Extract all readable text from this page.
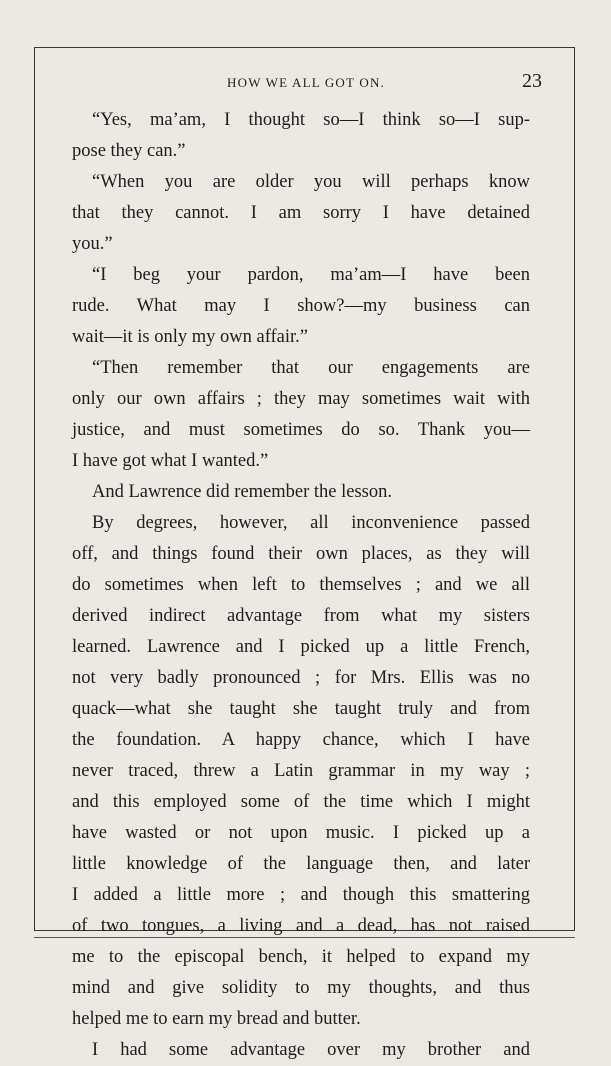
HOW WE ALL GOT ON.	23
“Yes, ma’am, I thought so—I think so—I sup-
pose they can.”
“When you are older you will perhaps know
that they cannot. I am sorry I have detained
you.”
“I beg your pardon, ma’am—I have been
rude. What may I show?—my business can
wait—it is only my own affair.”
“Then remember that our engagements are
only our own affairs ; they may sometimes wait with
justice, and must sometimes do so. Thank you—
I have got what I wanted.”
And Lawrence did remember the lesson.
By degrees, however, all inconvenience passed
off, and things found their own places, as they will
do sometimes when left to themselves ; and we all
derived indirect advantage from what my sisters
learned. Lawrence and I picked up a little French,
not very badly pronounced ; for Mrs. Ellis was no
quack—what she taught she taught truly and from
the foundation. A happy chance, which I have
never traced, threw a Latin grammar in my way ;
and this employed some of the time which I might
have wasted or not upon music. I picked up a
little knowledge of the language then, and later
I added a little more ; and though this smattering
of two tongues, a living and a dead, has not raised
me to the episcopal bench, it helped to expand my
mind and give solidity to my thoughts, and thus
helped me to earn my bread and butter.
I had some advantage over my brother and
